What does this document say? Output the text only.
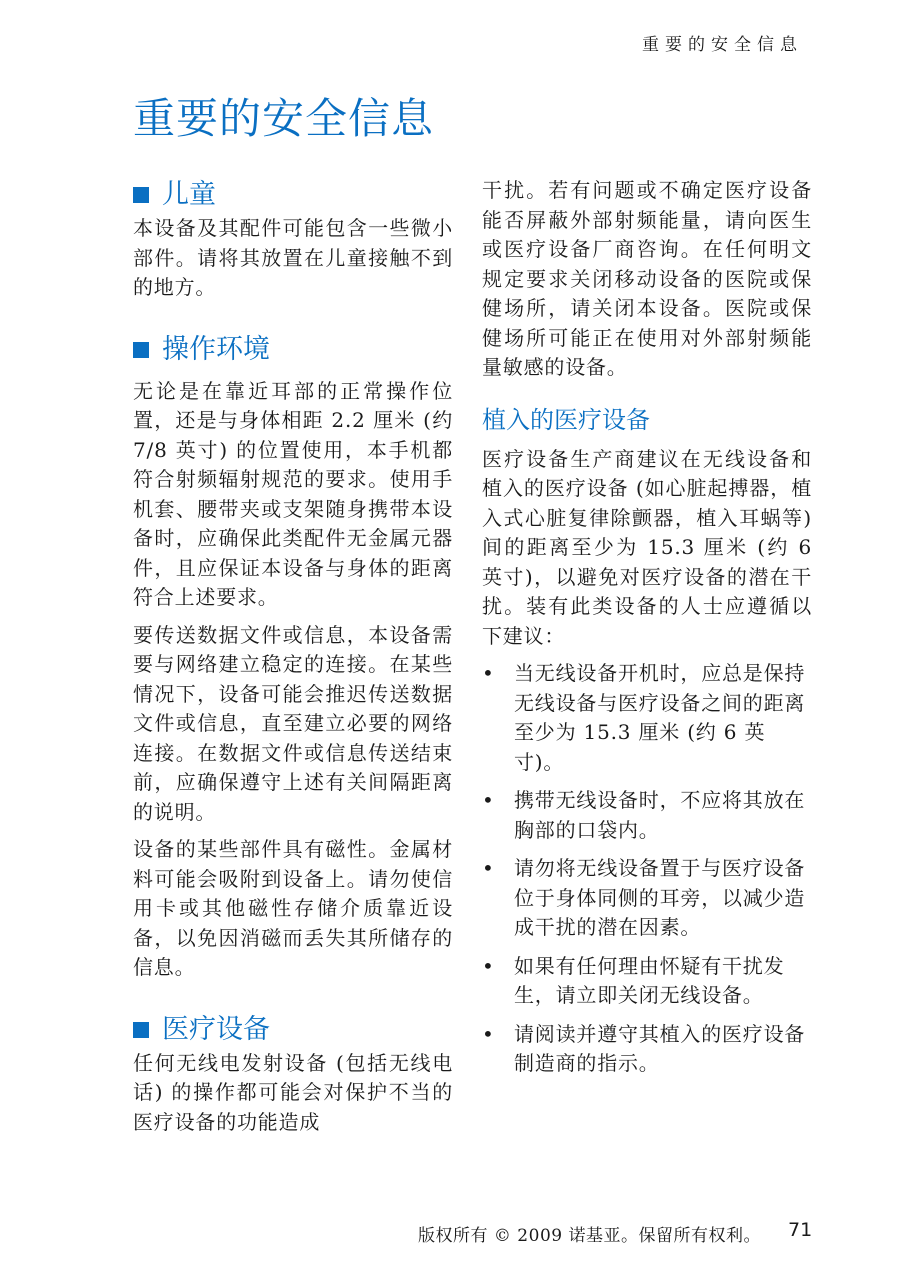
重要的安全信息
重要的安全信息
儿童

本设备及其配件可能包含一些微小部件。请将其放置在儿童接触不到的地方。

操作环境

无论是在靠近耳部的正常操作位置，还是与身体相距 2.2 厘米 (约 7/8 英寸) 的位置使用，本手机都符合射频辐射规范的要求。使用手机套、腰带夹或支架随身携带本设备时，应确保此类配件无金属元器件，且应保证本设备与身体的距离符合上述要求。

要传送数据文件或信息，本设备需要与网络建立稳定的连接。在某些情况下，设备可能会推迟传送数据文件或信息，直至建立必要的网络连接。在数据文件或信息传送结束前，应确保遵守上述有关间隔距离的说明。

设备的某些部件具有磁性。金属材料可能会吸附到设备上。请勿使信用卡或其他磁性存储介质靠近设备，以免因消磁而丢失其所储存的信息。

医疗设备

任何无线电发射设备 (包括无线电话) 的操作都可能会对保护不当的医疗设备的功能造成

干扰。若有问题或不确定医疗设备能否屏蔽外部射频能量，请向医生或医疗设备厂商咨询。在任何明文规定要求关闭移动设备的医院或保健场所，请关闭本设备。医院或保健场所可能正在使用对外部射频能量敏感的设备。

植入的医疗设备

医疗设备生产商建议在无线设备和植入的医疗设备 (如心脏起搏器，植入式心脏复律除颤器，植入耳蜗等) 间的距离至少为 15.3 厘米 (约 6 英寸)，以避免对医疗设备的潜在干扰。装有此类设备的人士应遵循以下建议：

• 当无线设备开机时，应总是保持无线设备与医疗设备之间的距离至少为 15.3 厘米 (约 6 英寸)。
• 携带无线设备时，不应将其放在胸部的口袋内。
• 请勿将无线设备置于与医疗设备位于身体同侧的耳旁，以减少造成干扰的潜在因素。
• 如果有任何理由怀疑有干扰发生，请立即关闭无线设备。
• 请阅读并遵守其植入的医疗设备制造商的指示。
版权所有 © 2009 诺基亚。保留所有权利。 71
